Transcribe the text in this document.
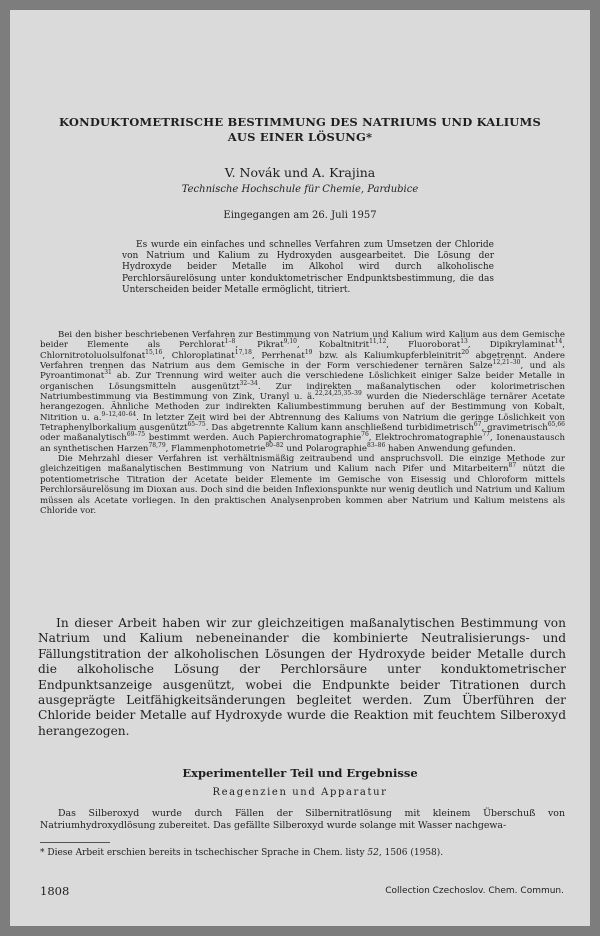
KONDUKTOMETRISCHE BESTIMMUNG DES NATRIUMS UND KALIUMS
AUS EINER LÖSUNG*
V. Novák und A. Krajina
Technische Hochschule für Chemie, Pardubice
Eingegangen am 26. Juli 1957
Es wurde ein einfaches und schnelles Verfahren zum Umsetzen der Chloride von Natrium und Kalium zu Hydroxyden ausgearbeitet. Die Lösung der Hydroxyde beider Metalle im Alkohol wird durch alkoholische Perchlorsäurelösung unter konduktometrischer Endpunktsbestimmung, die das Unterscheiden beider Metalle ermöglicht, titriert.

Bei den bisher beschriebenen Verfahren zur Bestimmung von Natrium und Kalium wird Kalium aus dem Gemische beider Elemente als Perchlorat$^{1-8}$, Pikrat$^{9,10}$, Kobaltnitrit$^{11,12}$, Fluoroborat$^{13}$, Dipikrylaminat$^{14}$, Chlornitrotoluolsulfonat$^{15,16}$, Chloroplatinat$^{17,18}$, Perrhenat$^{19}$ bzw. als Kaliumkupferbleinitrit$^{20}$ abgetrennt. Andere Verfahren trennen das Natrium aus dem Gemische in der Form verschiedener ternären Salze$^{12,21-30}$, und als Pyroantimonat$^{31}$ ab. Zur Trennung wird weiter auch die verschiedene Löslichkeit einiger Salze beider Metalle in organischen Lösungsmitteln ausgenützt$^{32-34}$. Zur indirekten maßanalytischen oder kolorimetrischen Natriumbestimmung via Bestimmung von Zink, Uranyl u. ä.$^{22,24,25,35-39}$ wurden die Niederschläge ternärer Acetate herangezogen. Ähnliche Methoden zur indirekten Kaliumbestimmung beruhen auf der Bestimmung von Kobalt, Nitrition u. a.$^{9-12,40-64}$. In letzter Zeit wird bei der Abtrennung des Kaliums von Natrium die geringe Löslichkeit von Tetraphenylborkalium ausgenützt$^{65-75}$. Das abgetrennte Kalium kann anschließend turbidimetrisch$^{67}$, gravimetrisch$^{65,66}$ oder maßanalytisch$^{69-75}$ bestimmt werden. Auch Papierchromatographie$^{76}$, Elektrochromatographie$^{77}$, Ionenaustausch an synthetischen Harzen$^{78,79}$, Flammenphotometrie$^{80-82}$ und Polarographie$^{83-86}$ haben Anwendung gefunden.

Die Mehrzahl dieser Verfahren ist verhältnismäßig zeitraubend und anspruchsvoll. Die einzige Methode zur gleichzeitigen maßanalytischen Bestimmung von Natrium und Kalium nach Pifer und Mitarbeitern$^{87}$ nützt die potentiometrische Titration der Acetate beider Elemente im Gemische von Eisessig und Chloroform mittels Perchlorsäurelösung im Dioxan aus. Doch sind die beiden Inflexionspunkte nur wenig deutlich und Natrium und Kalium müssen als Acetate vorliegen. In den praktischen Analysenproben kommen aber Natrium und Kalium meistens als Chloride vor.

In dieser Arbeit haben wir zur gleichzeitigen maßanalytischen Bestimmung von Natrium und Kalium nebeneinander die kombinierte Neutralisierungs- und Fällungstitration der alkoholischen Lösungen der Hydroxyde beider Metalle durch die alkoholische Lösung der Perchlorsäure unter konduktometrischer Endpunktsanzeige ausgenützt, wobei die Endpunkte beider Titrationen durch ausgeprägte Leitfähigkeitsänderungen begleitet werden. Zum Überführen der Chloride beider Metalle auf Hydroxyde wurde die Reaktion mit feuchtem Silberoxyd herangezogen.
Experimenteller Teil und Ergebnisse
Reagenzien und Apparatur
Das Silberoxyd wurde durch Fällen der Silbernitratlösung mit kleinem Überschuß von Natriumhydroxydlösung zubereitet. Das gefällte Silberoxyd wurde solange mit Wasser nachgewa-
* Diese Arbeit erschien bereits in tschechischer Sprache in Chem. listy 52, 1506 (1958).
1808	Collection Czechoslov. Chem. Commun.
